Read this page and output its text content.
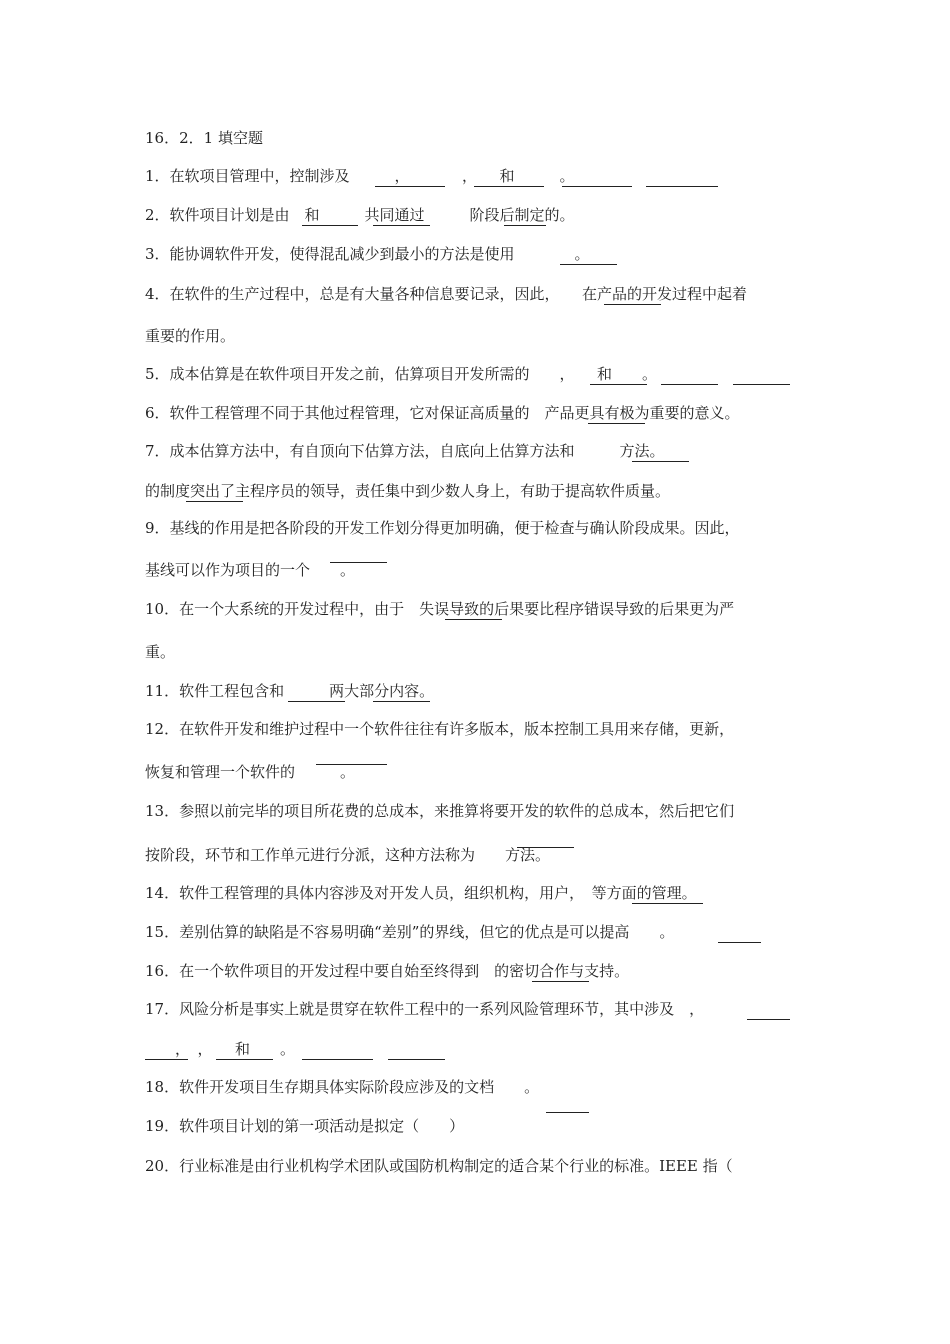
16．2．1 填空题
1．在软项目管理中，控制涉及　　　，　　　　，　　和　　　。
2．软件项目计划是由　和　　　共同通过　　　阶段后制定的。
3．能协调软件开发，使得混乱减少到最小的方法是使用　　　　。
4．在软件的生产过程中，总是有大量各种信息要记录，因此，　　在产品的开发过程中起着
重要的作用。
5．成本估算是在软件项目开发之前，估算项目开发所需的　　，　　和　　。
6．软件工程管理不同于其他过程管理，它对保证高质量的　产品更具有极为重要的意义。
7．成本估算方法中，有自顶向下估算方法，自底向上估算方法和　　　方法。
的制度突出了主程序员的领导，责任集中到少数人身上，有助于提高软件质量。
9．基线的作用是把各阶段的开发工作划分得更加明确，便于检查与确认阶段成果。因此，
基线可以作为项目的一个　　。
10．在一个大系统的开发过程中，由于　失误导致的后果要比程序错误导致的后果更为严
重。
11．软件工程包含和　　　两大部分内容。
12．在软件开发和维护过程中一个软件往往有许多版本，版本控制工具用来存储，更新，
恢复和管理一个软件的　　　。
13．参照以前完毕的项目所花费的总成本，来推算将要开发的软件的总成本，然后把它们
按阶段，环节和工作单元进行分派，这种方法称为　　方法。
14．软件工程管理的具体内容涉及对开发人员，组织机构，用户，　等方面的管理。
15．差别估算的缺陷是不容易明确“差别”的界线，但它的优点是可以提高　　。
16．在一个软件项目的开发过程中要自始至终得到　的密切合作与支持。
17．风险分析是事实上就是贯穿在软件工程中的一系列风险管理环节，其中涉及　，
　　，　，　　和　　。
18．软件开发项目生存期具体实际阶段应涉及的文档　　。
19．软件项目计划的第一项活动是拟定（　　）
20．行业标准是由行业机构学术团队或国防机构制定的适合某个行业的标准。IEEE 指（
